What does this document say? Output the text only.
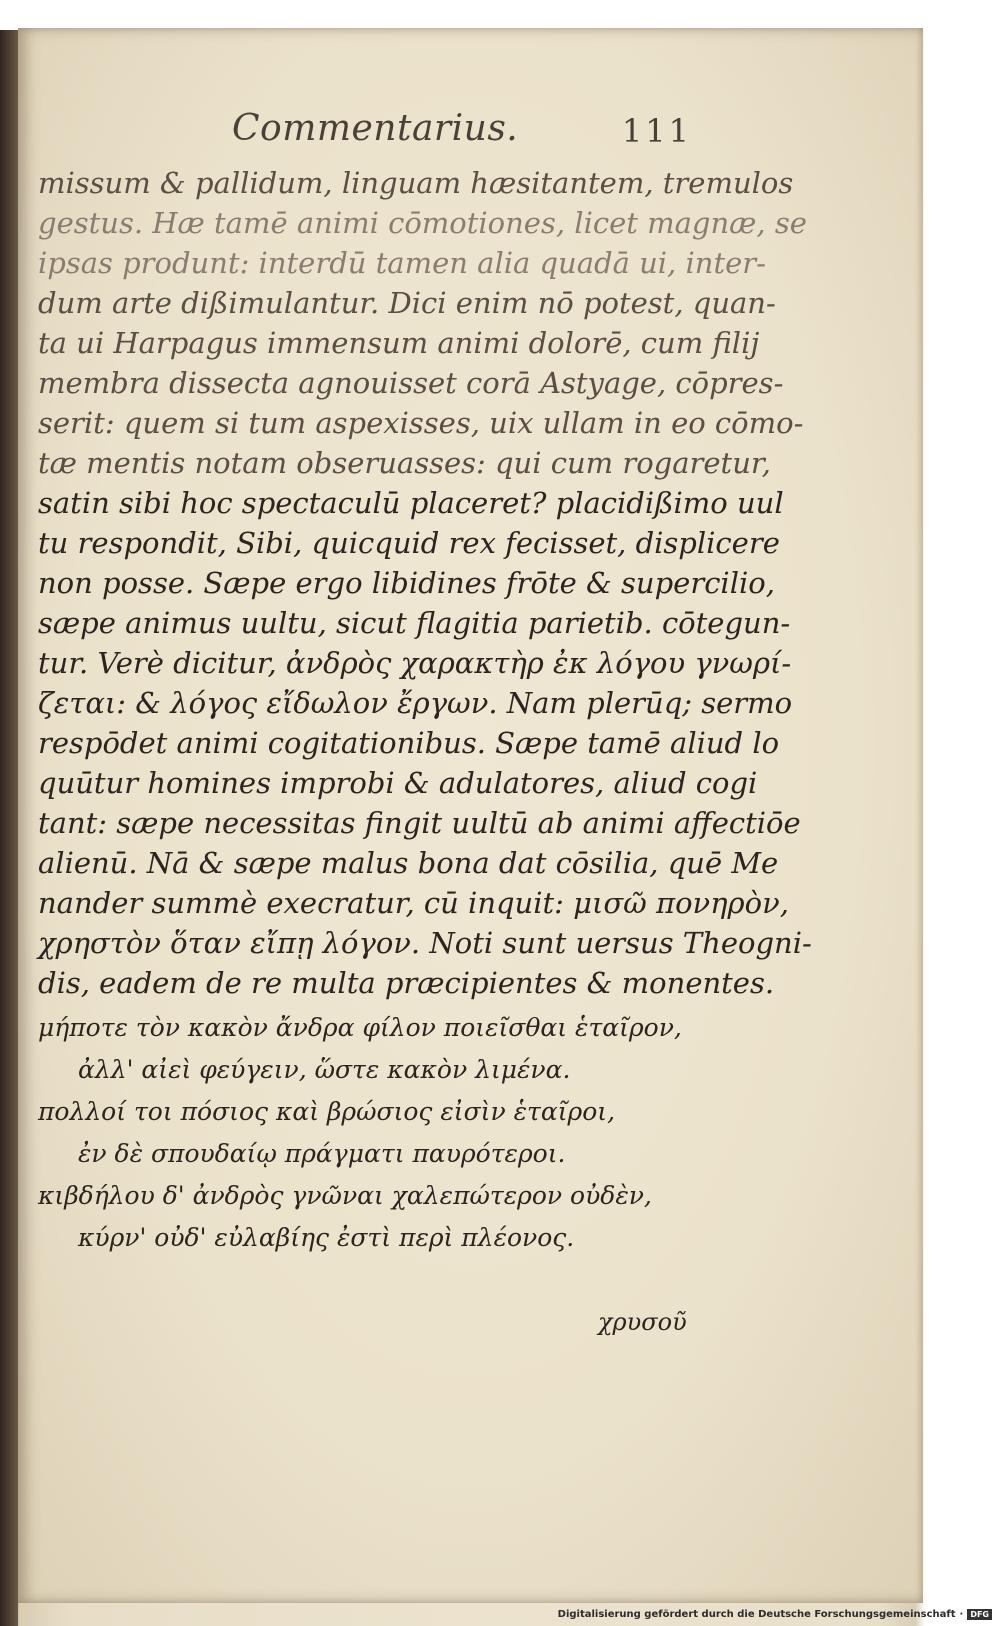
Commentarius.	111
missum & pallidum, linguam hæsitantem, tremulos
gestus. Hæ tamē animi cōmotiones, licet magnæ, se
ipsas produnt: interdū tamen alia quadā ui, inter-
dum arte dißimulantur. Dici enim nō potest, quan-
ta ui Harpagus immensum animi dolorē, cum filij
membra dissecta agnouisset corā Astyage, cōpres-
serit: quem si tum aspexisses, uix ullam in eo cōmo-
tæ mentis notam obseruasses: qui cum rogaretur,
satin sibi hoc spectaculū placeret? placidißimo uul
tu respondit, Sibi, quicquid rex fecisset, displicere
non posse. Sæpe ergo libidines frōte & supercilio,
sæpe animus uultu, sicut flagitia parietib. cōtegun-
tur. Verè dicitur, ἀνδρὸς χαρακτὴρ ἐκ λόγου γνωρί-
ζεται: & λόγος εἴδωλον ἔργων. Nam plerūq; sermo
respōdet animi cogitationibus. Sæpe tamē aliud lo
quūtur homines improbi & adulatores, aliud cogi
tant: sæpe necessitas fingit uultū ab animi affectiōe
alienū. Nā & sæpe malus bona dat cōsilia, quē Me
nander summè execratur, cū inquit: μισῶ πονηρὸν,
χρηστὸν ὅταν εἴπῃ λόγον. Noti sunt uersus Theogni-
dis, eadem de re multa præcipientes & monentes.
μήποτε τὸν κακὸν ἄνδρα φίλον ποιεῖσθαι ἑταῖρον,
ἀλλ' αἰεὶ φεύγειν, ὥστε κακὸν λιμένα.
πολλοί τοι πόσιος καὶ βρώσιος εἰσὶν ἑταῖροι,
ἐν δὲ σπουδαίῳ πράγματι παυρότεροι.
κιβδήλου δ' ἀνδρὸς γνῶναι χαλεπώτερον οὐδὲν,
κύρν' οὐδ' εὐλαβίης ἐστὶ περὶ πλέονος.
χρυσοῦ
Digitalisierung gefördert durch die Deutsche Forschungsgemeinschaft · DFG
